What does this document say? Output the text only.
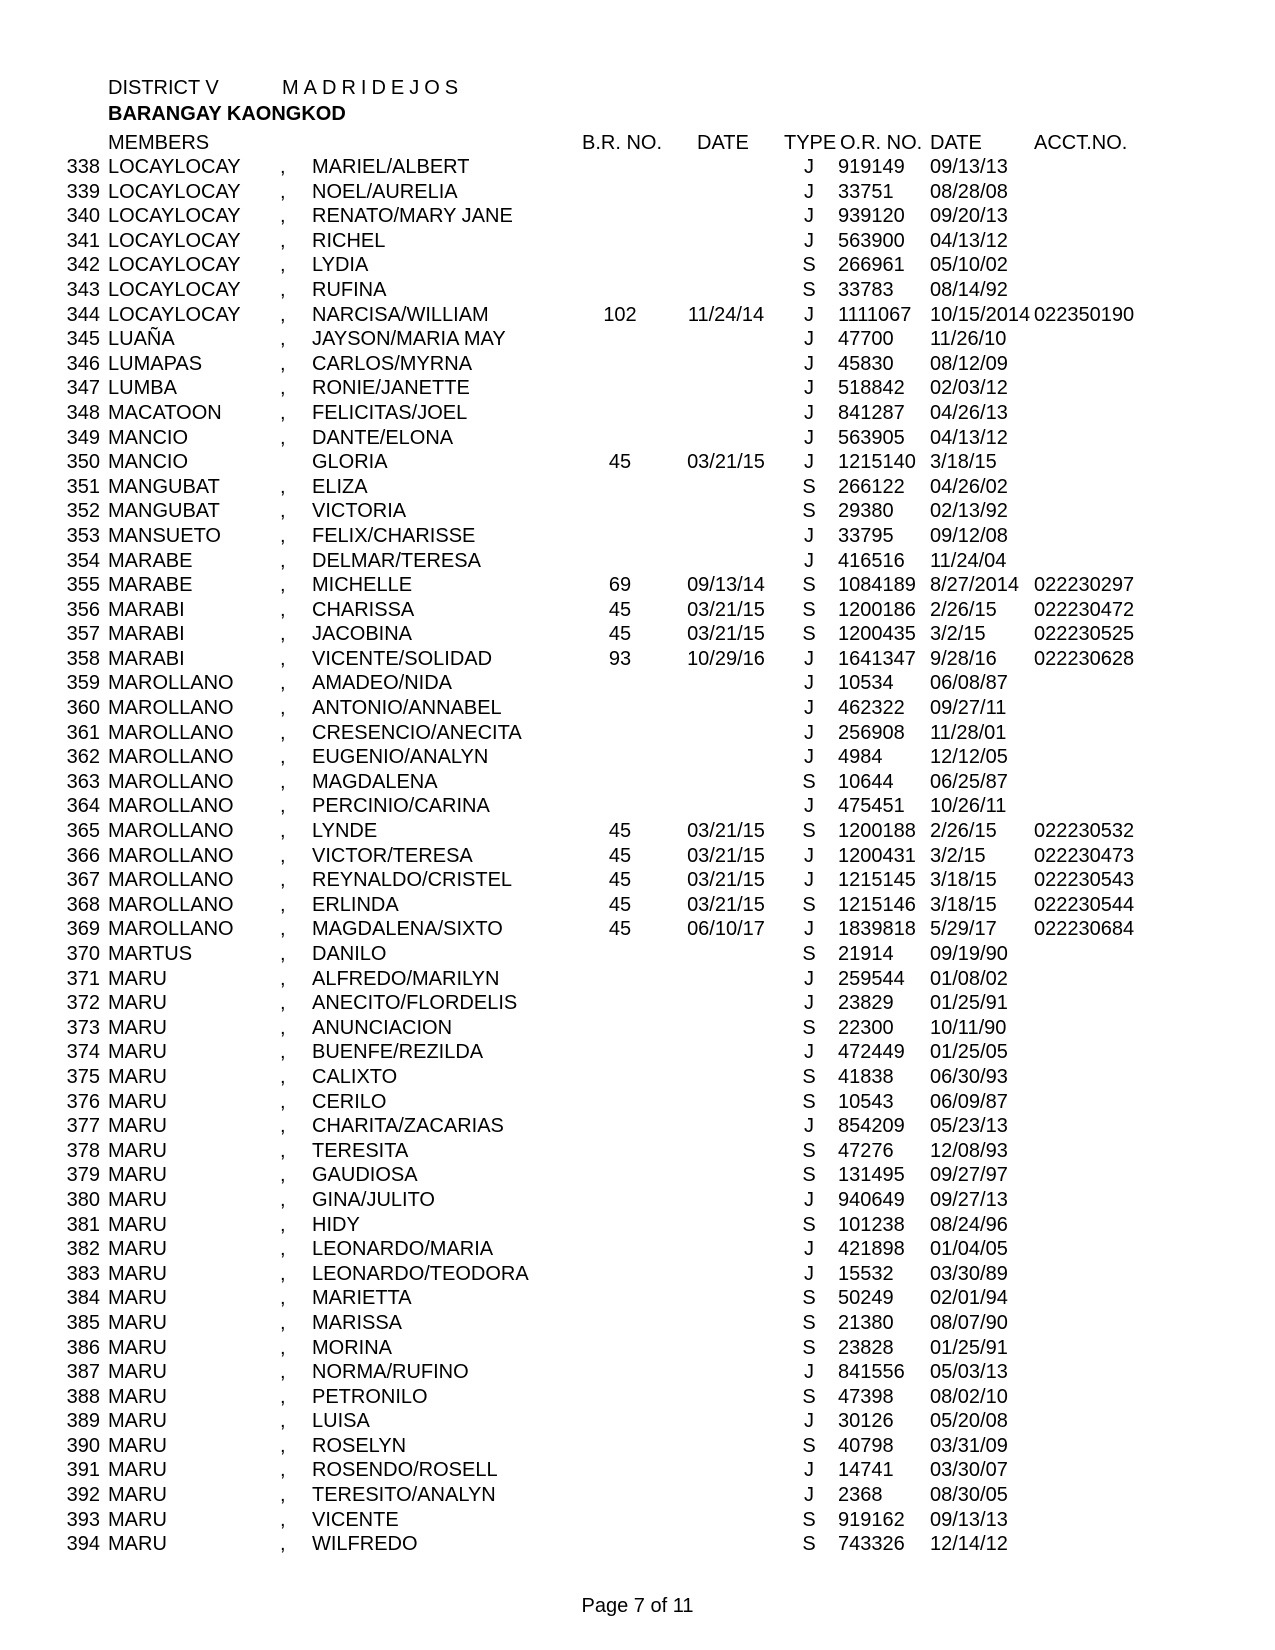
DISTRICT V	MADRIDEJOS
BARANGAY KAONGKOD
MEMBERS	B.R. NO. DATE TYPE O.R. NO. DATE	ACCT.NO.
338 LOCAYLOCAY , MARIEL/ALBERT	J	919149 09/13/13
339 LOCAYLOCAY , NOEL/AURELIA	J	33751 08/28/08
340 LOCAYLOCAY , RENATO/MARY JANE	J	939120 09/20/13
341 LOCAYLOCAY , RICHEL	J	563900 04/13/12
342 LOCAYLOCAY , LYDIA	S 266961 05/10/02
343 LOCAYLOCAY , RUFINA	S 33783 08/14/92
344 LOCAYLOCAY , NARCISA/WILLIAM	102	11/24/14	J	1111067 10/15/2014 022350190
345 LUAÑA	, JAYSON/MARIA MAY	J	47700 11/26/10
346 LUMAPAS	, CARLOS/MYRNA	J	45830 08/12/09
347 LUMBA	, RONIE/JANETTE	J	518842 02/03/12
348 MACATOON	, FELICITAS/JOEL	J	841287 04/26/13
349 MANCIO	, DANTE/ELONA	J	563905 04/13/12
350 MANCIO	GLORIA	45	03/21/15	J	1215140 3/18/15
351 MANGUBAT	, ELIZA	S 266122 04/26/02
352 MANGUBAT	, VICTORIA	S 29380 02/13/92
353 MANSUETO	, FELIX/CHARISSE	J	33795 09/12/08
354 MARABE	, DELMAR/TERESA	J	416516 11/24/04
355 MARABE	, MICHELLE	69	09/13/14	S 1084189 8/27/2014 022230297
356 MARABI	, CHARISSA	45	03/21/15	S 1200186 2/26/15 022230472
357 MARABI	, JACOBINA	45	03/21/15	S 1200435 3/2/15 022230525
358 MARABI	, VICENTE/SOLIDAD	93	10/29/16	J	1641347 9/28/16 022230628
359 MAROLLANO , AMADEO/NIDA	J	10534 06/08/87
360 MAROLLANO , ANTONIO/ANNABEL	J	462322 09/27/11
361 MAROLLANO , CRESENCIO/ANECITA	J	256908 11/28/01
362 MAROLLANO , EUGENIO/ANALYN	J	4984 12/12/05
363 MAROLLANO , MAGDALENA	S 10644 06/25/87
364 MAROLLANO , PERCINIO/CARINA	J	475451 10/26/11
365 MAROLLANO , LYNDE	45	03/21/15	S 1200188 2/26/15 022230532
366 MAROLLANO , VICTOR/TERESA	45	03/21/15	J	1200431 3/2/15 022230473
367 MAROLLANO , REYNALDO/CRISTEL	45	03/21/15	J	1215145 3/18/15 022230543
368 MAROLLANO , ERLINDA	45	03/21/15	S 1215146 3/18/15 022230544
369 MAROLLANO , MAGDALENA/SIXTO	45	06/10/17	J	1839818 5/29/17 022230684
370 MARTUS	, DANILO	S 21914 09/19/90
371 MARU	, ALFREDO/MARILYN	J	259544 01/08/02
372 MARU	, ANECITO/FLORDELIS	J	23829 01/25/91
373 MARU	, ANUNCIACION	S 22300 10/11/90
374 MARU	, BUENFE/REZILDA	J	472449 01/25/05
375 MARU	, CALIXTO	S 41838 06/30/93
376 MARU	, CERILO	S 10543 06/09/87
377 MARU	, CHARITA/ZACARIAS	J	854209 05/23/13
378 MARU	, TERESITA	S 47276 12/08/93
379 MARU	, GAUDIOSA	S 131495 09/27/97
380 MARU	, GINA/JULITO	J	940649 09/27/13
381 MARU	, HIDY	S 101238 08/24/96
382 MARU	, LEONARDO/MARIA	J	421898 01/04/05
383 MARU	, LEONARDO/TEODORA	J	15532 03/30/89
384 MARU	, MARIETTA	S 50249 02/01/94
385 MARU	, MARISSA	S 21380 08/07/90
386 MARU	, MORINA	S 23828 01/25/91
387 MARU	, NORMA/RUFINO	J	841556 05/03/13
388 MARU	, PETRONILO	S 47398 08/02/10
389 MARU	, LUISA	J	30126 05/20/08
390 MARU	, ROSELYN	S 40798 03/31/09
391 MARU	, ROSENDO/ROSELL	J	14741 03/30/07
392 MARU	, TERESITO/ANALYN	J	2368 08/30/05
393 MARU	, VICENTE	S 919162 09/13/13
394 MARU	, WILFREDO	S 743326 12/14/12
Page 7 of 11
